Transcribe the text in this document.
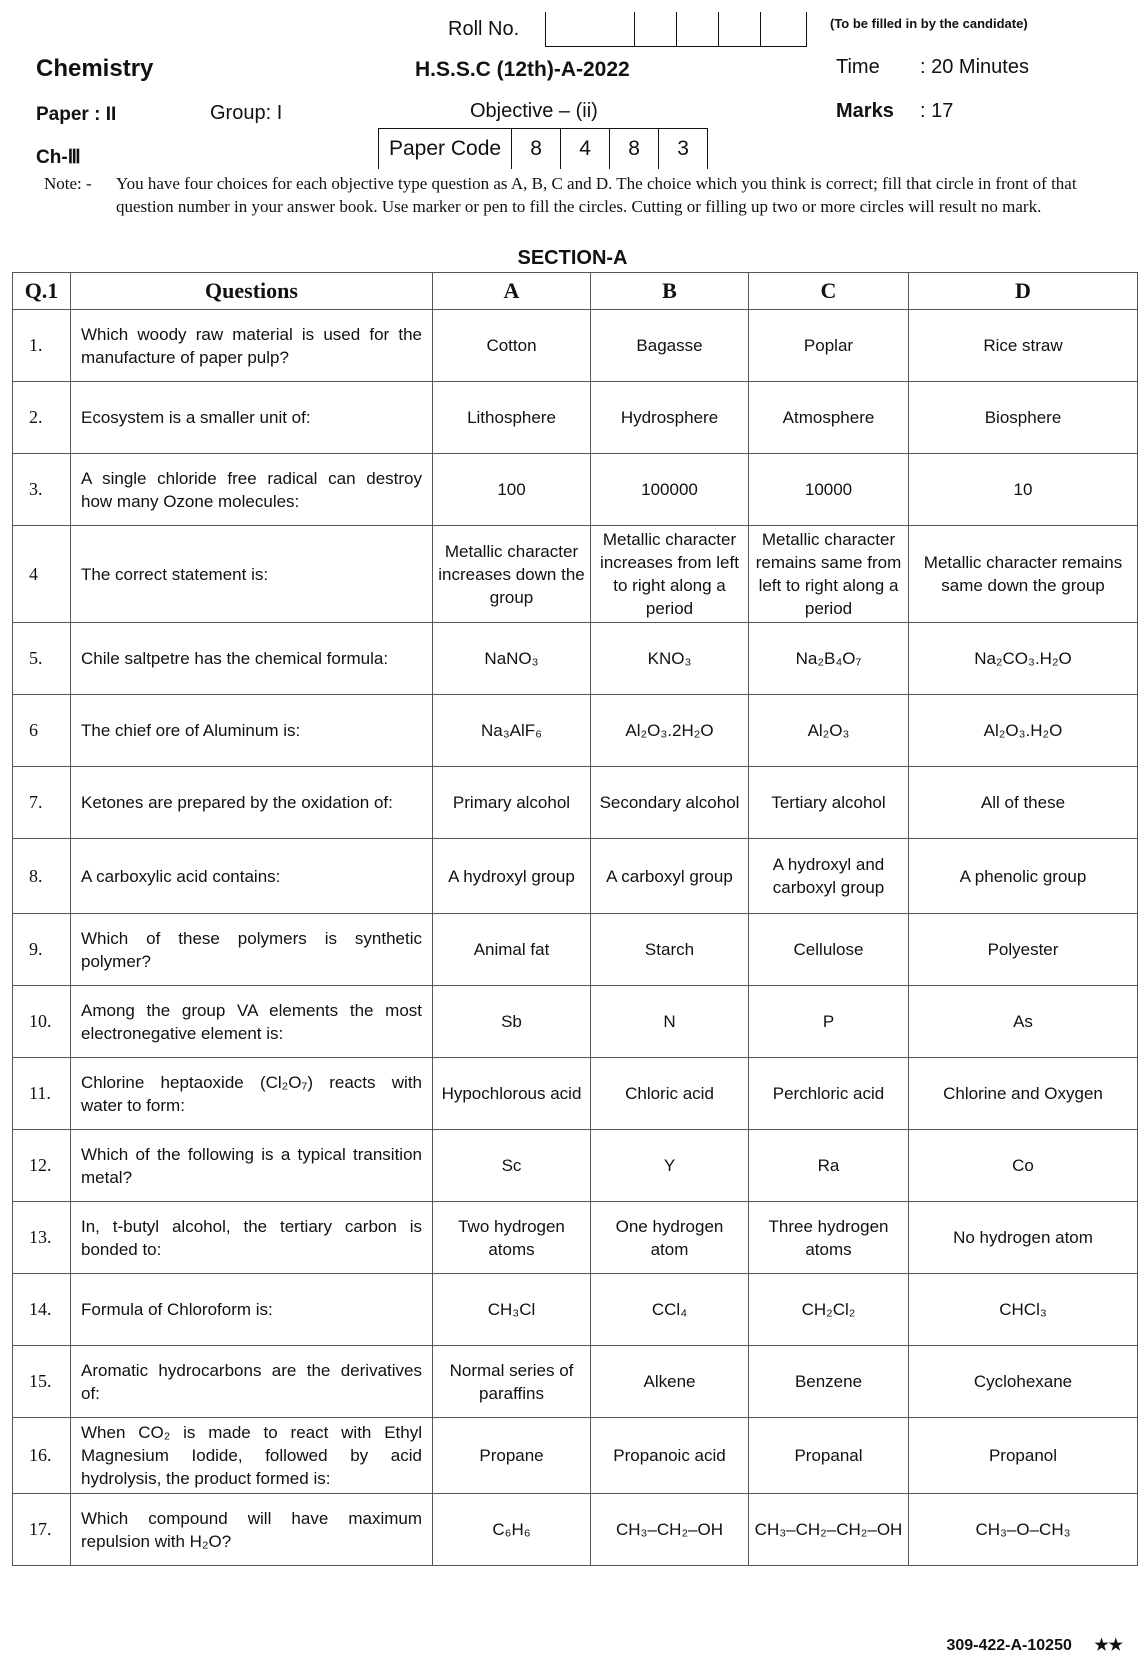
Roll No.	(To be filled in by the candidate)
Chemistry	H.S.S.C (12th)-A-2022	Time : 20 Minutes
Paper : II	Group: I	Objective – (ii)	Marks : 17
Ch-Ⅲ	Paper Code	8	4	8	3
Note: - You have four choices for each objective type question as A, B, C and D. The choice which you think is correct; fill that circle in front of that question number in your answer book. Use marker or pen to fill the circles. Cutting or filling up two or more circles will result no mark.
SECTION-A
Q.1	Questions	A	B	C	D
1.	Which woody raw material is used for the manufacture of paper pulp?	Cotton	Bagasse	Poplar	Rice straw
2.	Ecosystem is a smaller unit of:	Lithosphere	Hydrosphere	Atmosphere	Biosphere
3.	A single chloride free radical can destroy how many Ozone molecules:	100	100000	10000	10
4	The correct statement is:	Metallic character increases down the group	Metallic character increases from left to right along a period	Metallic character remains same from left to right along a period	Metallic character remains same down the group
5.	Chile saltpetre has the chemical formula:	NaNO₃	KNO₃	Na₂B₄O₇	Na₂CO₃.H₂O
6	The chief ore of Aluminum is:	Na₃AlF₆	Al₂O₃.2H₂O	Al₂O₃	Al₂O₃.H₂O
7.	Ketones are prepared by the oxidation of:	Primary alcohol	Secondary alcohol	Tertiary alcohol	All of these
8.	A carboxylic acid contains:	A hydroxyl group	A carboxyl group	A hydroxyl and carboxyl group	A phenolic group
9.	Which of these polymers is synthetic polymer?	Animal fat	Starch	Cellulose	Polyester
10.	Among the group VA elements the most electronegative element is:	Sb	N	P	As
11.	Chlorine heptaoxide (Cl₂O₇) reacts with water to form:	Hypochlorous acid	Chloric acid	Perchloric acid	Chlorine and Oxygen
12.	Which of the following is a typical transition metal?	Sc	Y	Ra	Co
13.	In, t-butyl alcohol, the tertiary carbon is bonded to:	Two hydrogen atoms	One hydrogen atom	Three hydrogen atoms	No hydrogen atom
14.	Formula of Chloroform is:	CH₃Cl	CCl₄	CH₂Cl₂	CHCl₃
15.	Aromatic hydrocarbons are the derivatives of:	Normal series of paraffins	Alkene	Benzene	Cyclohexane
16.	When CO₂ is made to react with Ethyl Magnesium Iodide, followed by acid hydrolysis, the product formed is:	Propane	Propanoic acid	Propanal	Propanol
17.	Which compound will have maximum repulsion with H₂O?	C₆H₆	CH₃–CH₂–OH	CH₃–CH₂–CH₂–OH	CH₃–O–CH₃
309-422-A-10250 ★★
